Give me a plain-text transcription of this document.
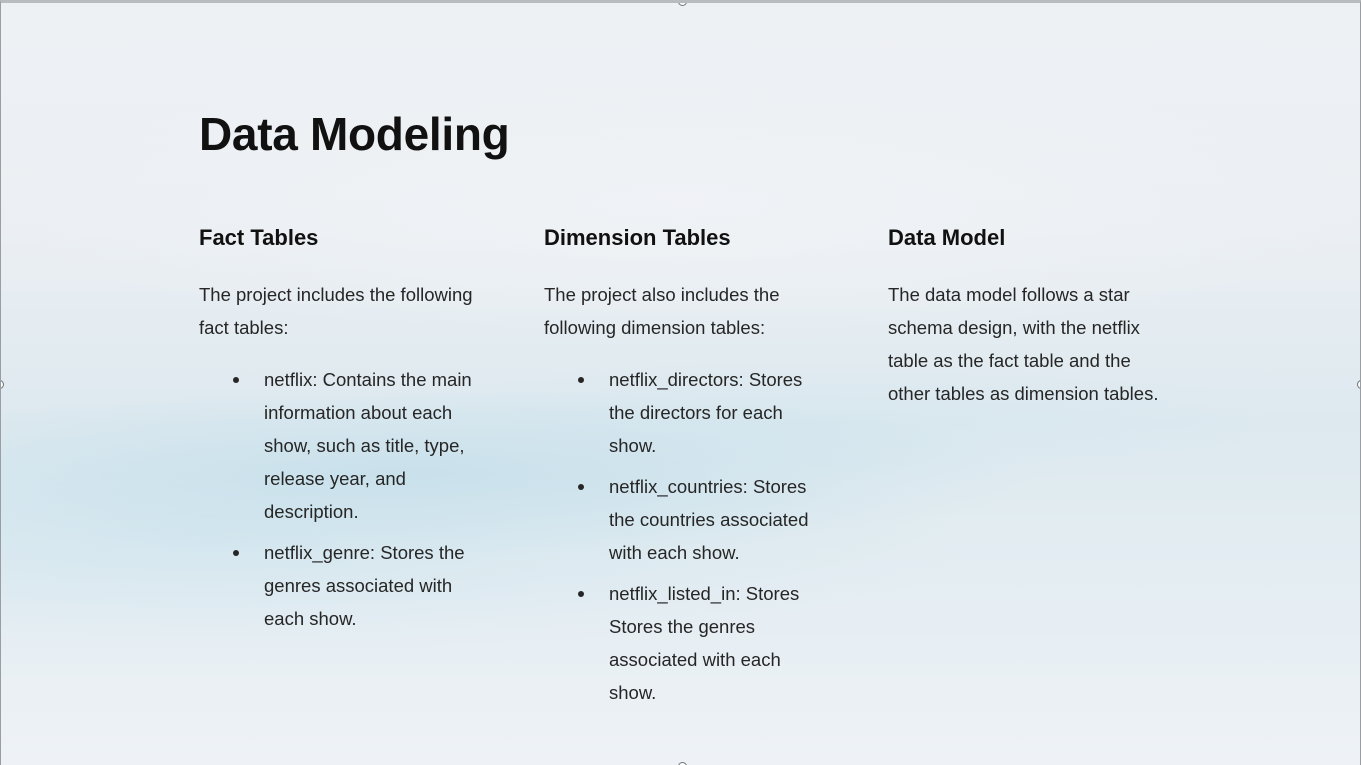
Data Modeling
Fact Tables

The project includes the following fact tables:

netflix: Contains the main information about each show, such as title, type, release year, and description.
netflix_genre: Stores the genres associated with each show.
Dimension Tables

The project also includes the following dimension tables:

netflix_directors: Stores the directors for each show.
netflix_countries: Stores the countries associated with each show.
netflix_listed_in: Stores Stores the genres associated with each show.
Data Model

The data model follows a star schema design, with the netflix table as the fact table and the other tables as dimension tables.
